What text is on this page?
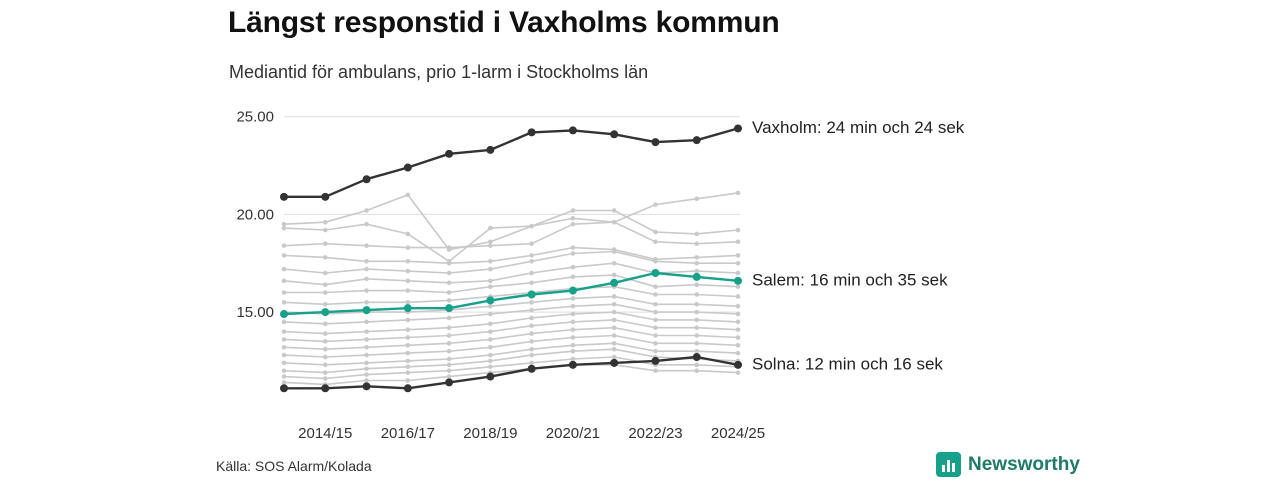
Längst responstid i Vaxholms kommun
Mediantid för ambulans, prio 1-larm i Stockholms län
15.00
20.00
25.00
Vaxholm: 24 min och 24 sek
Salem: 16 min och 35 sek
Solna: 12 min och 16 sek
2014/15 2016/17 2018/19 2020/21 2022/23 2024/25
Källa: SOS Alarm/Kolada	Newsworthy
